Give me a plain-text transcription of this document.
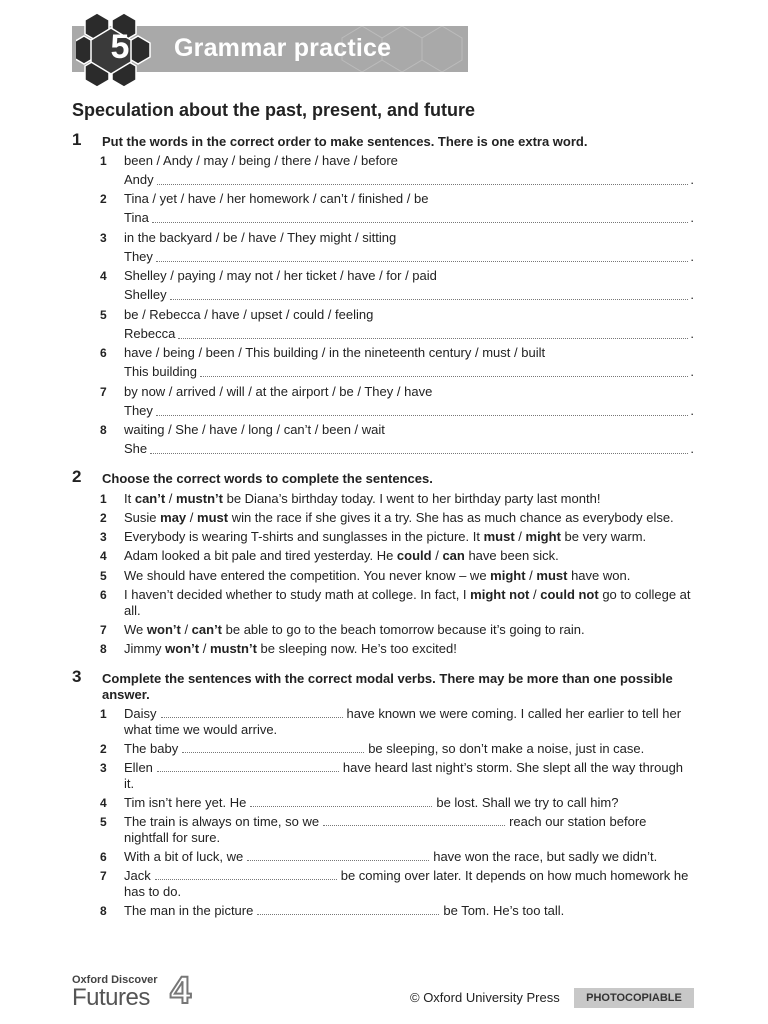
Grammar practice
5
Speculation about the past, present, and future
1 Put the words in the correct order to make sentences. There is one extra word.
1	been / Andy / may / being / there / have / before
Andy	.
2	Tina / yet / have / her homework / can’t / finished / be
Tina	.
3	in the backyard / be / have / They might / sitting
They	.
4	Shelley / paying / may not / her ticket / have / for / paid
Shelley	.
5	be / Rebecca / have / upset / could / feeling
Rebecca	.
6	have / being / been / This building / in the nineteenth century / must / built
This building	.
7	by now / arrived / will / at the airport / be / They / have
They	.
8	waiting / She / have / long / can’t / been / wait
She	.
2 Choose the correct words to complete the sentences.
1	It can’t / mustn’t be Diana’s birthday today. I went to her birthday party last month!
2	Susie may / must win the race if she gives it a try. She has as much chance as everybody else.
3	Everybody is wearing T-shirts and sunglasses in the picture. It must / might be very warm.
4	Adam looked a bit pale and tired yesterday. He could / can have been sick.
5	We should have entered the competition. You never know – we might / must have won.
6	I haven’t decided whether to study math at college. In fact, I might not / could not go to college at all.
7	We won’t / can’t be able to go to the beach tomorrow because it’s going to rain.
8	Jimmy won’t / mustn’t be sleeping now. He’s too excited!
3 Complete the sentences with the correct modal verbs. There may be more than one possible answer.
1	Daisy	have known we were coming. I called her earlier to tell her what time we would arrive.
2	The baby	be sleeping, so don’t make a noise, just in case.
3	Ellen	have heard last night’s storm. She slept all the way through it.
4	Tim isn’t here yet. He	be lost. Shall we try to call him?
5	The train is always on time, so we	reach our station before nightfall for sure.
6	With a bit of luck, we	have won the race, but sadly we didn’t.
7	Jack	be coming over later. It depends on how much homework he has to do.
8	The man in the picture	be Tom. He’s too tall.
Oxford Discover
Futures 4	© Oxford University Press	PHOTOCOPIABLE
